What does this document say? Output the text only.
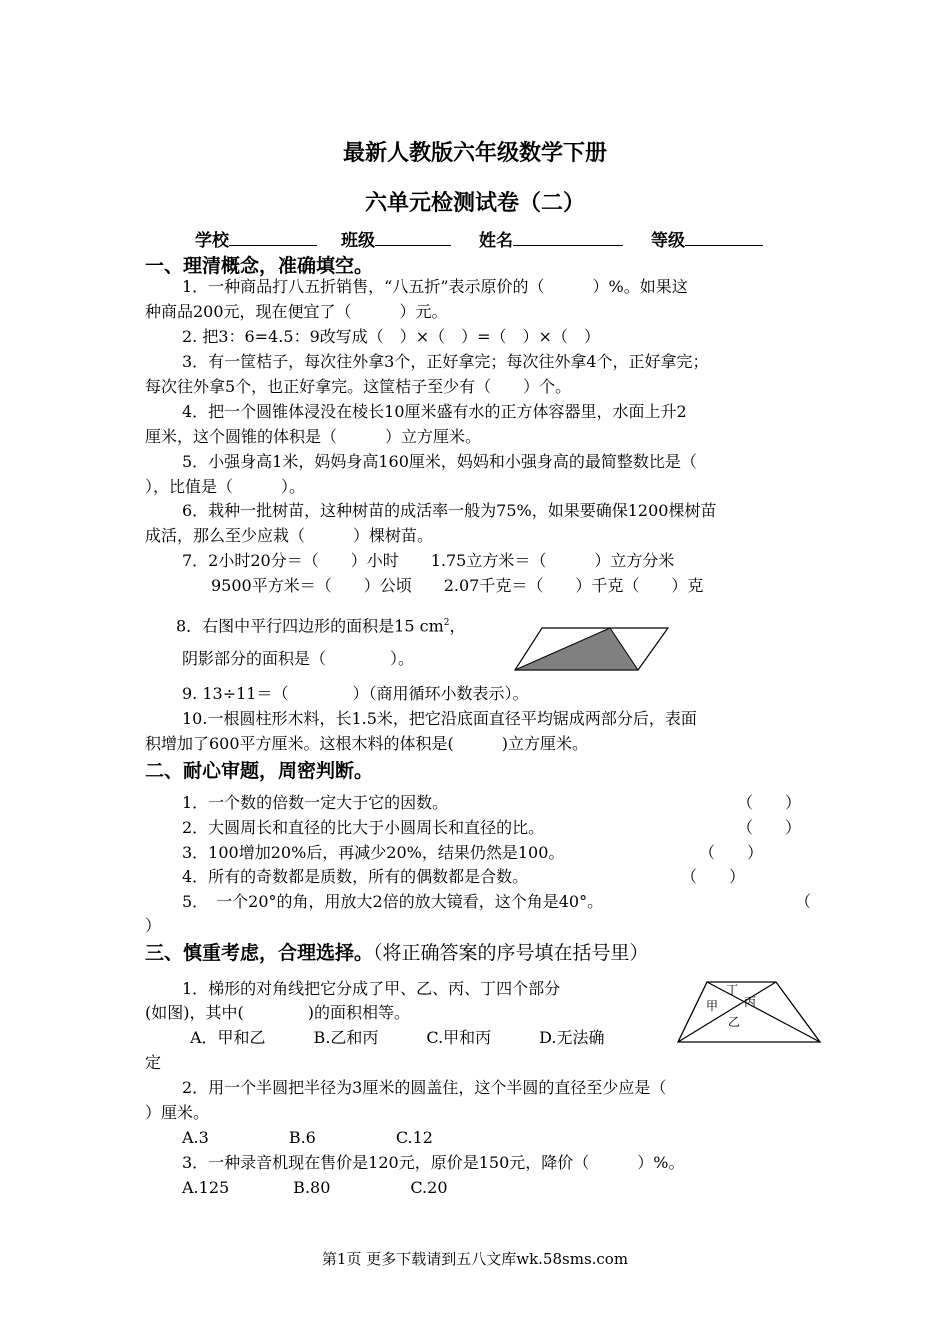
最新人教版六年级数学下册
六单元检测试卷（二）
学校	班级	姓名	等级
一、理清概念，准确填空。
1．一种商品打八五折销售，“八五折”表示原价的（　　　）%。如果这
种商品200元，现在便宜了（　　　）元。
2. 把3：6=4.5：9改写成（　）×（　）=（　）×（　）
3．有一筐桔子，每次往外拿3个，正好拿完；每次往外拿4个，正好拿完；
每次往外拿5个，也正好拿完。这筐桔子至少有（　　）个。
4．把一个圆锥体浸没在棱长10厘米盛有水的正方体容器里，水面上升2
厘米，这个圆锥的体积是（　　　）立方厘米。
5．小强身高1米，妈妈身高160厘米，妈妈和小强身高的最简整数比是（
），比值是（　　　）。
6．栽种一批树苗，这种树苗的成活率一般为75%，如果要确保1200棵树苗
成活，那么至少应栽（　　　）棵树苗。
7．2小时20分＝（　　）小时　　1.75立方米＝（　　　）立方分米
9500平方米＝（　　）公顷　　2.07千克＝（　　）千克（　　）克
8．右图中平行四边形的面积是15 $cm^2$，
阴影部分的面积是（　　　　）。
9. 13÷11＝（　　　　）（商用循环小数表示）。
10.一根圆柱形木料，长1.5米，把它沿底面直径平均锯成两部分后，表面
积增加了600平方厘米。这根木料的体积是(　　　)立方厘米。
二、耐心审题，周密判断。
1．一个数的倍数一定大于它的因数。	（　　）
2．大圆周长和直径的比大于小圆周长和直径的比。	（　　）
3．100增加20%后，再减少20%，结果仍然是100。	（　　）
4．所有的奇数都是质数，所有的偶数都是合数。	（　　）
5．　一个20°的角，用放大2倍的放大镜看，这个角是40°。	（
）
三、慎重考虑，合理选择。（将正确答案的序号填在括号里）
1．梯形的对角线把它分成了甲、乙、丙、丁四个部分
(如图)，其中(　　　　)的面积相等。
A．甲和乙　　　B.乙和丙　　　C.甲和丙　　　D.无法确
定
丁
甲 丙
乙
2．用一个半圆把半径为3厘米的圆盖住，这个半圆的直径至少应是（
）厘米。
A.3　　　　　B.6　　　　　C.12
3．一种录音机现在售价是120元，原价是150元，降价（　　　）%。
A.125　　　　B.80　　　　　C.20
第1页 更多下载请到五八文库wk.58sms.com
